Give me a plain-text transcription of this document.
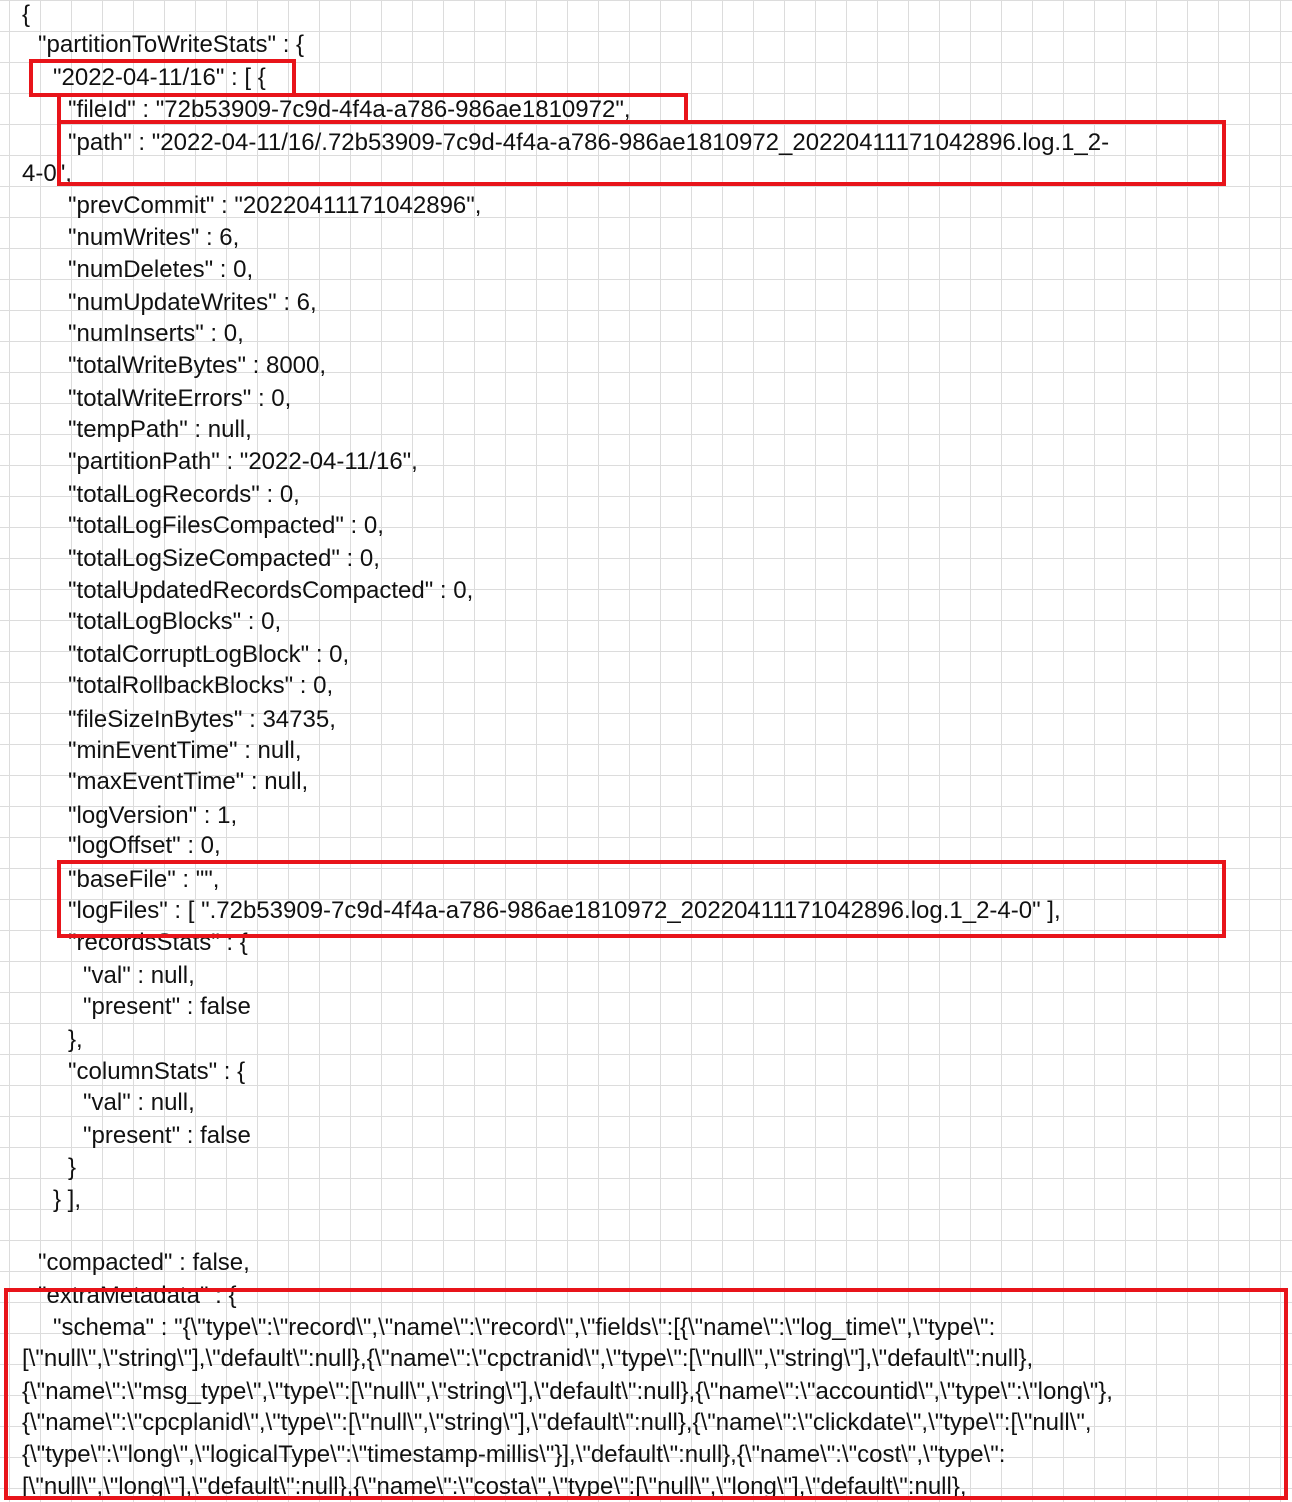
{

"partitionToWriteStats" : {

"2022-04-11/16" : [ {

"fileId" : "72b53909-7c9d-4f4a-a786-986ae1810972",

"path" : "2022-04-11/16/.72b53909-7c9d-4f4a-a786-986ae1810972_20220411171042896.log.1_2-

4-0",

"prevCommit" : "20220411171042896",

"numWrites" : 6,

"numDeletes" : 0,

"numUpdateWrites" : 6,

"numInserts" : 0,

"totalWriteBytes" : 8000,

"totalWriteErrors" : 0,

"tempPath" : null,

"partitionPath" : "2022-04-11/16",

"totalLogRecords" : 0,

"totalLogFilesCompacted" : 0,

"totalLogSizeCompacted" : 0,

"totalUpdatedRecordsCompacted" : 0,

"totalLogBlocks" : 0,

"totalCorruptLogBlock" : 0,

"totalRollbackBlocks" : 0,

"fileSizeInBytes" : 34735,

"minEventTime" : null,

"maxEventTime" : null,

"logVersion" : 1,

"logOffset" : 0,

"baseFile" : "",

"logFiles" : [ ".72b53909-7c9d-4f4a-a786-986ae1810972_20220411171042896.log.1_2-4-0" ],

"recordsStats" : {

"val" : null,

"present" : false

},

"columnStats" : {

"val" : null,

"present" : false

}

} ],

"compacted" : false,

"extraMetadata" : {

"schema" : "{\"type\":\"record\",\"name\":\"record\",\"fields\":[{\"name\":\"log_time\",\"type\":

[\"null\",\"string\"],\"default\":null},{\"name\":\"cpctranid\",\"type\":[\"null\",\"string\"],\"default\":null},

{\"name\":\"msg_type\",\"type\":[\"null\",\"string\"],\"default\":null},{\"name\":\"accountid\",\"type\":\"long\"},

{\"name\":\"cpcplanid\",\"type\":[\"null\",\"string\"],\"default\":null},{\"name\":\"clickdate\",\"type\":[\"null\",

{\"type\":\"long\",\"logicalType\":\"timestamp-millis\"}],\"default\":null},{\"name\":\"cost\",\"type\":

[\"null\",\"long\"],\"default\":null},{\"name\":\"costa\",\"type\":[\"null\",\"long\"],\"default\":null},
